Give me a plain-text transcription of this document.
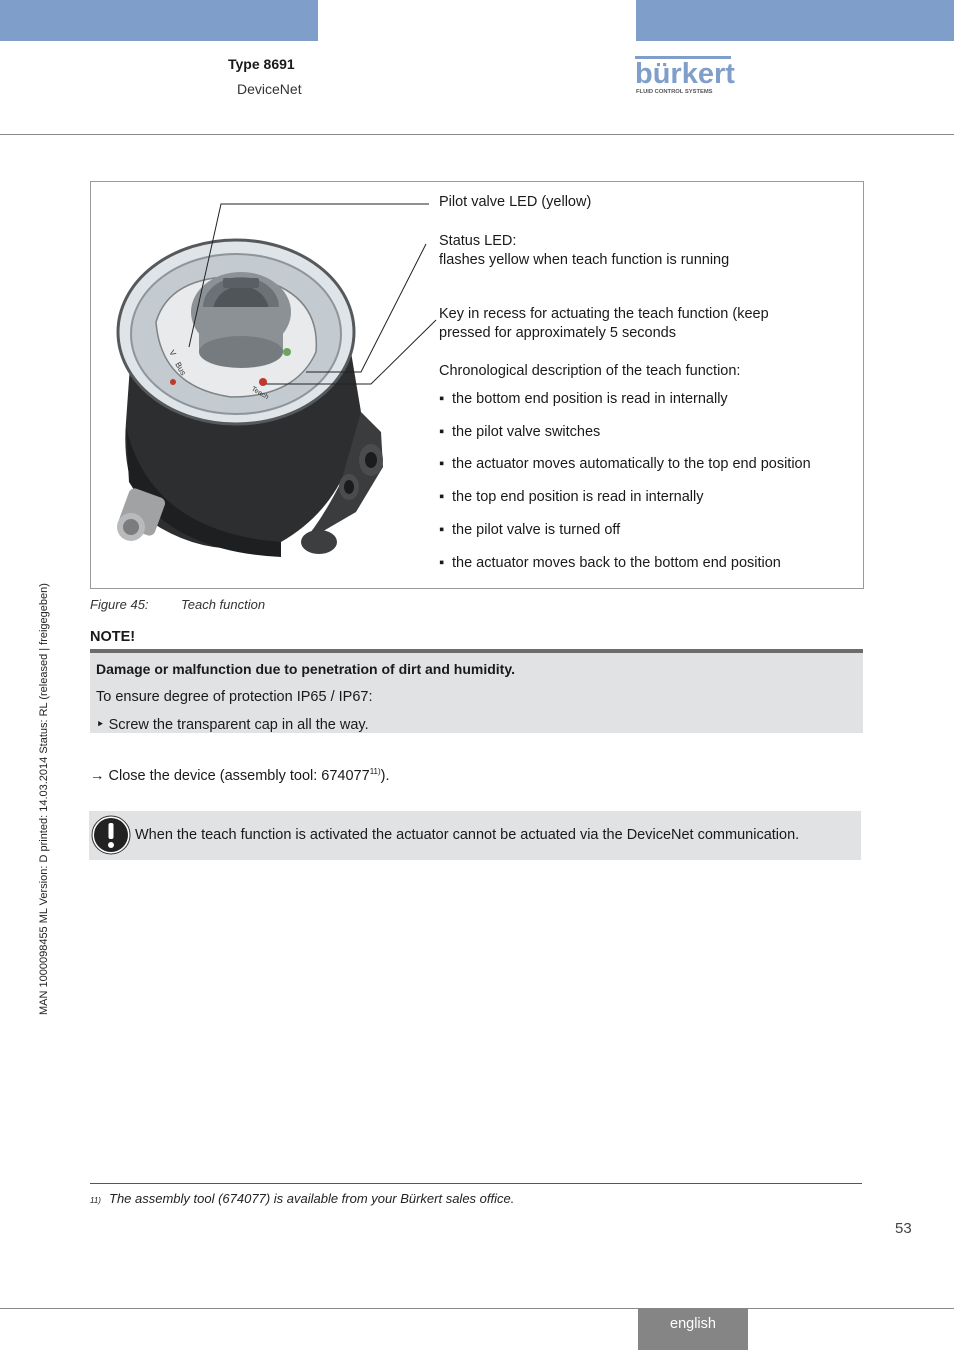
Type 8691
DeviceNet	bürkert
FLUID CONTROL SYSTEMS
V
Bus
Teach
Pilot valve LED (yellow)
Status LED:
flashes yellow when teach function is running
Key in recess for actuating the teach function (keep
pressed for approximately 5 seconds
Chronological description of the teach function:
▪ the bottom end position is read in internally
▪ the pilot valve switches
▪ the actuator moves automatically to the top end position
▪ the top end position is read in internally
▪ the pilot valve is turned off
▪ the actuator moves back to the bottom end position
Figure 45: Teach function
NOTE!
Damage or malfunction due to penetration of dirt and humidity.
To ensure degree of protection IP65 / IP67:
‣ Screw the transparent cap in all the way.
→ Close the device (assembly tool: 674077$^{11)}$).
When the teach function is activated the actuator cannot be actuated via the DeviceNet communication.
11) The assembly tool (674077) is available from your Bürkert sales office.
53
english
MAN 1000098455 ML Version: D printed: 14.03.2014 Status: RL (released | freigegeben)
